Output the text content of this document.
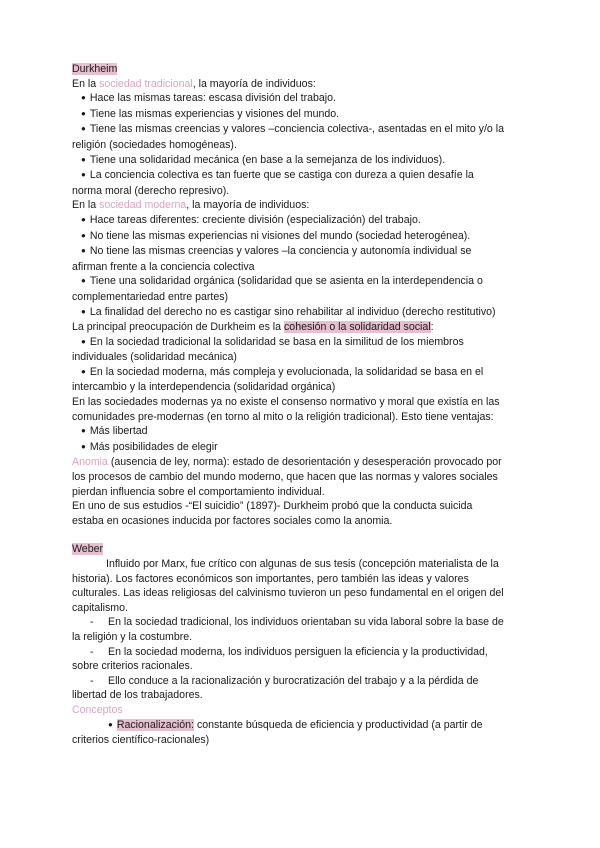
Durkheim

En la sociedad tradicional, la mayoría de individuos:

● Hace las mismas tareas: escasa división del trabajo.

● Tiene las mismas experiencias y visiones del mundo.

● Tiene las mismas creencias y valores –conciencia colectiva-, asentadas en el mito y/o la

religión (sociedades homogéneas).

● Tiene una solidaridad mecánica (en base a la semejanza de los individuos).

● La conciencia colectiva es tan fuerte que se castiga con dureza a quien desafíe la

norma moral (derecho represivo).

En la sociedad moderna, la mayoría de individuos:

● Hace tareas diferentes: creciente división (especialización) del trabajo.

● No tiene las mismas experiencias ni visiones del mundo (sociedad heterogénea).

● No tiene las mismas creencias y valores –la conciencia y autonomía individual se

afirman frente a la conciencia colectiva

● Tiene una solidaridad orgánica (solidaridad que se asienta en la interdependencia o

complementariedad entre partes)

● La finalidad del derecho no es castigar sino rehabilitar al individuo (derecho restitutivo)

La principal preocupación de Durkheim es la cohesión o la solidaridad social:

● En la sociedad tradicional la solidaridad se basa en la similitud de los miembros

individuales (solidaridad mecánica)

● En la sociedad moderna, más compleja y evolucionada, la solidaridad se basa en el

intercambio y la interdependencia (solidaridad orgánica)

En las sociedades modernas ya no existe el consenso normativo y moral que existía en las

comunidades pre-modernas (en torno al mito o la religión tradicional). Esto tiene ventajas:

● Más libertad

● Más posibilidades de elegir

Anomia (ausencia de ley, norma): estado de desorientación y desesperación provocado por

los procesos de cambio del mundo moderno, que hacen que las normas y valores sociales

pierdan influencia sobre el comportamiento individual.

En uno de sus estudios -“El suicidio” (1897)- Durkheim probó que la conducta suicida

estaba en ocasiones inducida por factores sociales como la anomia.

Weber

Influido por Marx, fue crítico con algunas de sus tesis (concepción materialista de la

historia). Los factores económicos son importantes, pero también las ideas y valores

culturales. Las ideas religiosas del calvinismo tuvieron un peso fundamental en el origen del

capitalismo.

- En la sociedad tradicional, los individuos orientaban su vida laboral sobre la base de

la religión y la costumbre.

- En la sociedad moderna, los individuos persiguen la eficiencia y la productividad,

sobre criterios racionales.

- Ello conduce a la racionalización y burocratización del trabajo y a la pérdida de

libertad de los trabajadores.

Conceptos

● Racionalización: constante búsqueda de eficiencia y productividad (a partir de

criterios científico-racionales)
